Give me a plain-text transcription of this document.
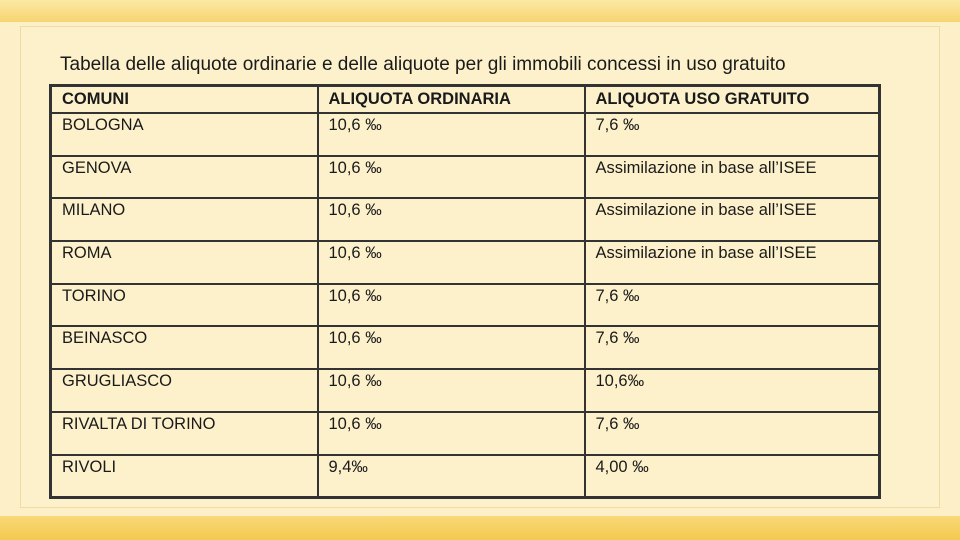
Tabella delle aliquote ordinarie e delle aliquote per gli immobili concessi in uso gratuito
COMUNI	ALIQUOTA ORDINARIA	ALIQUOTA USO GRATUITO
BOLOGNA	10,6 ‰	7,6 ‰
GENOVA	10,6 ‰	Assimilazione in base all’ISEE
MILANO	10,6 ‰	Assimilazione in base all’ISEE
ROMA	10,6 ‰	Assimilazione in base all’ISEE
TORINO	10,6 ‰	7,6 ‰
BEINASCO	10,6 ‰	7,6 ‰
GRUGLIASCO	10,6 ‰	10,6‰
RIVALTA DI TORINO	10,6 ‰	7,6 ‰
RIVOLI	9,4‰	4,00 ‰
